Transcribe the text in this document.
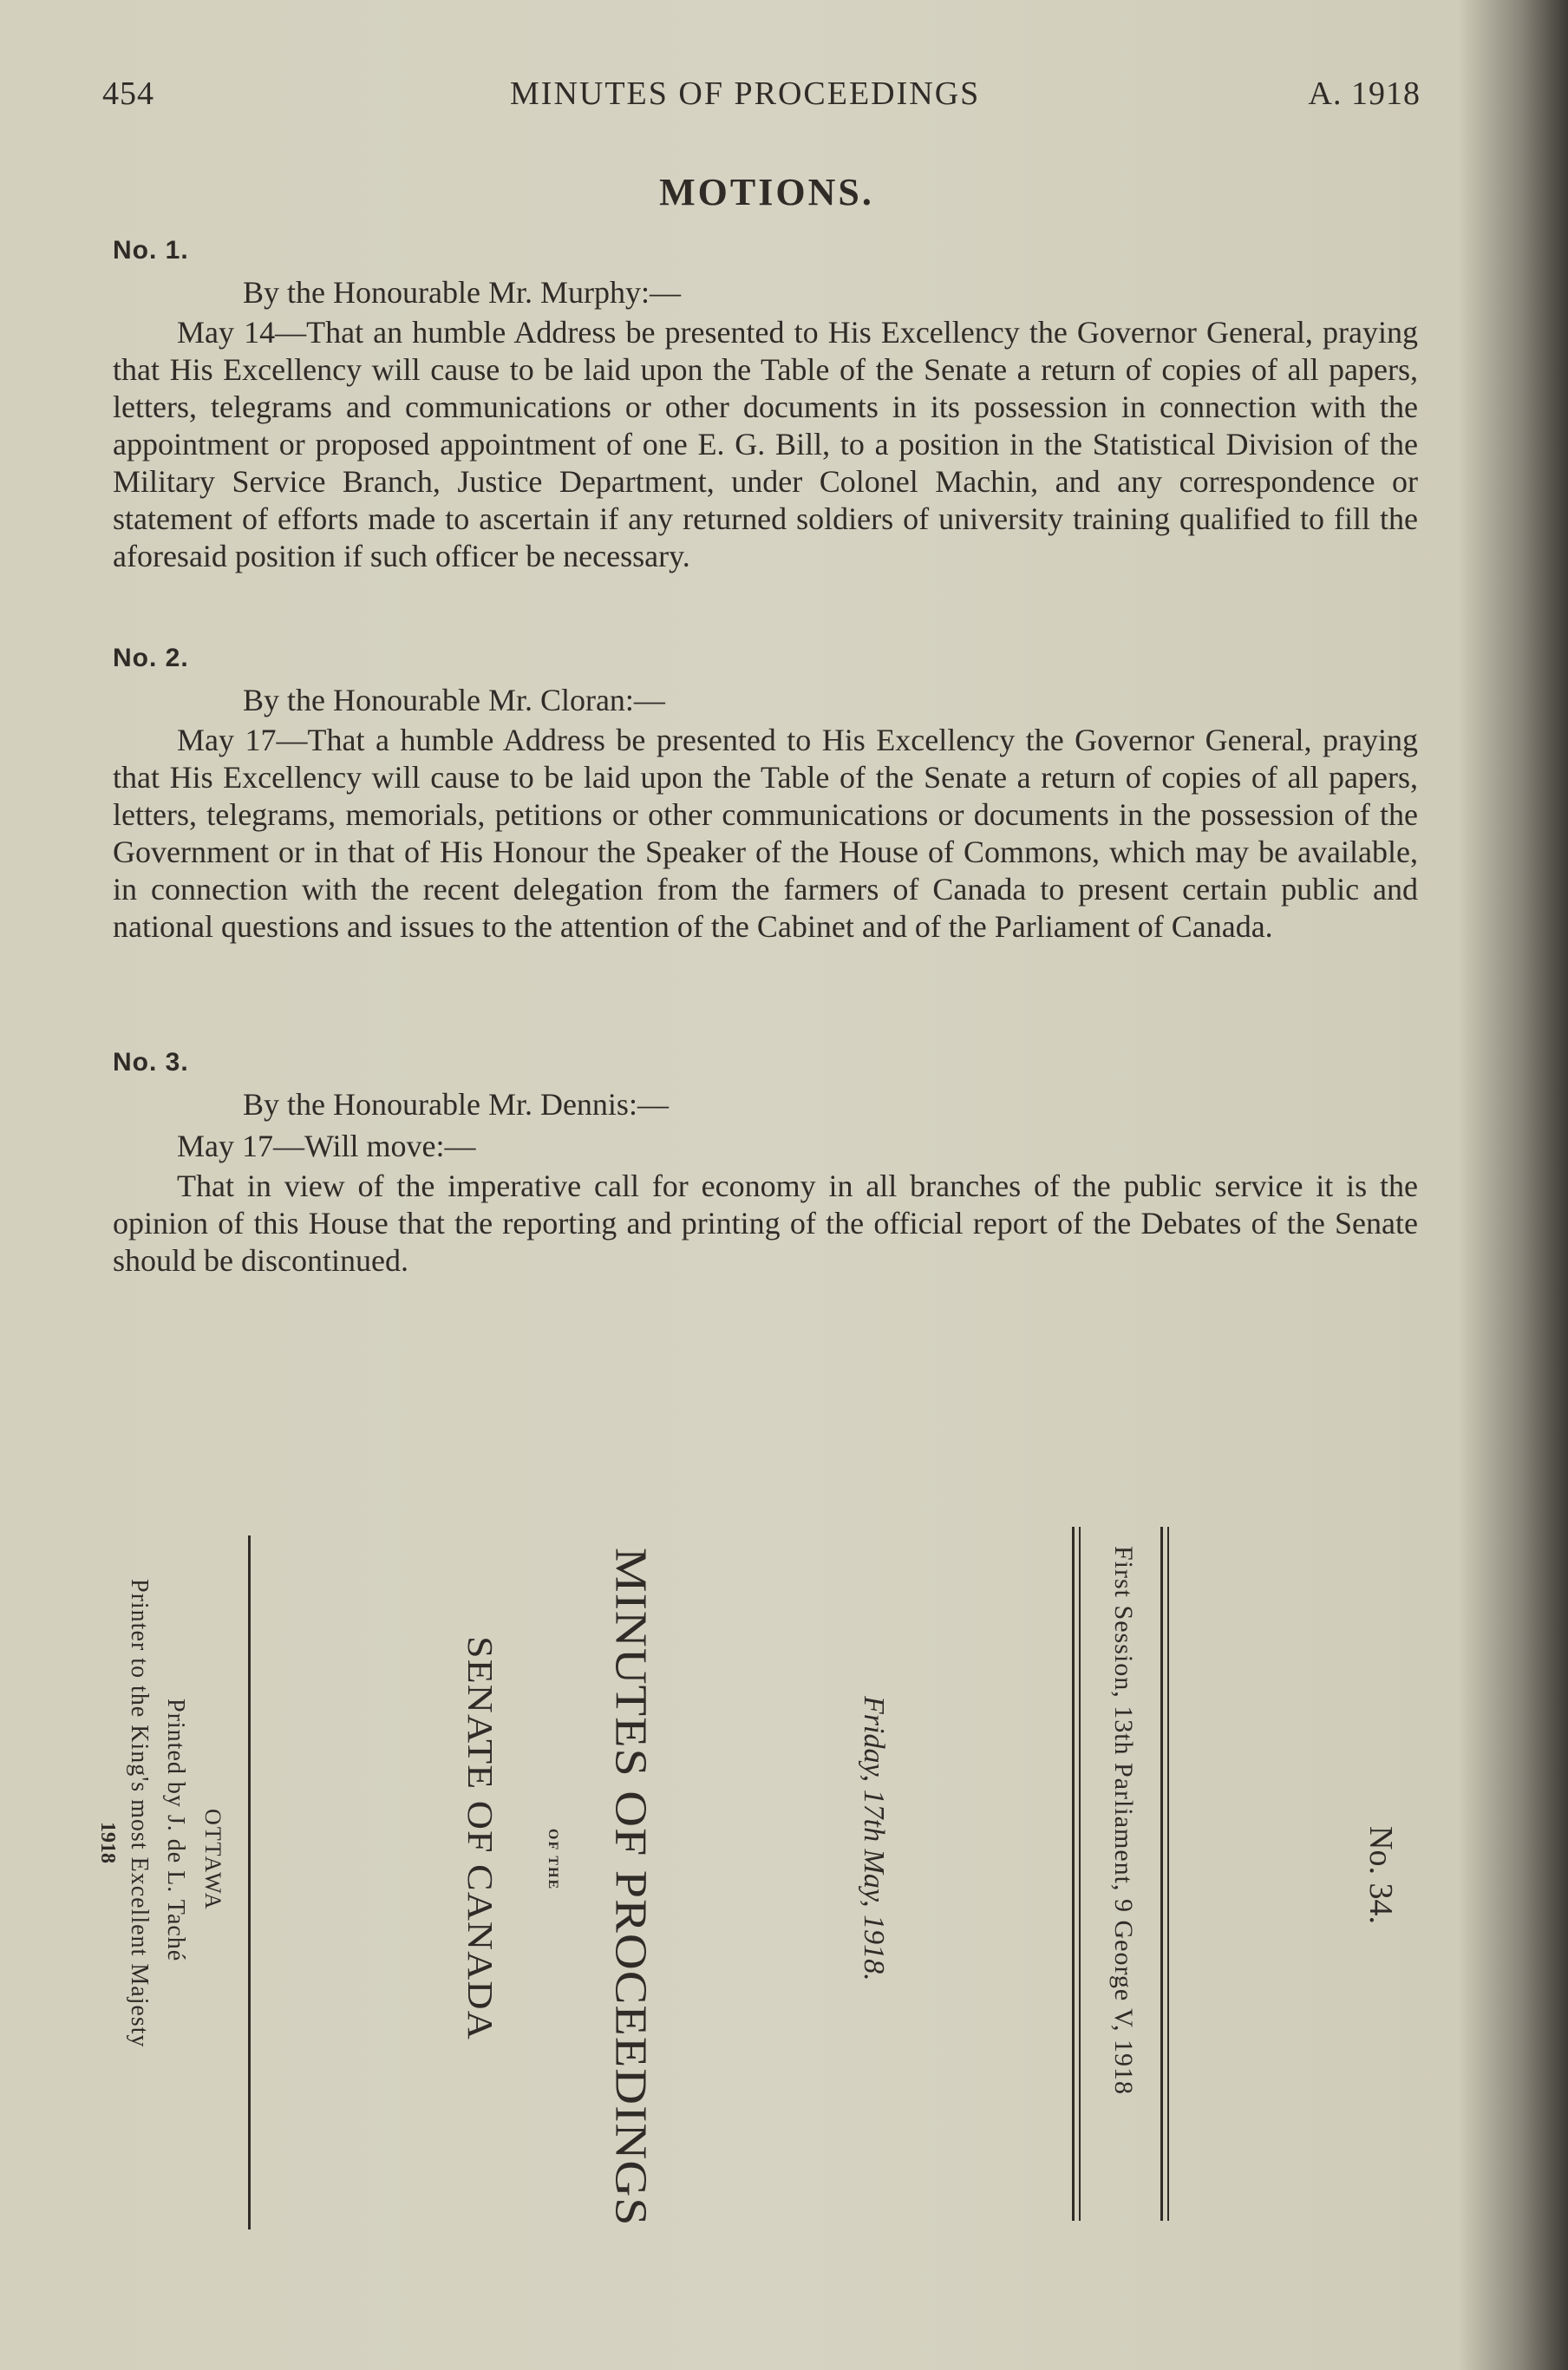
454	MINUTES OF PROCEEDINGS	A. 1918
MOTIONS.
No. 1.
By the Honourable Mr. Murphy:—
May 14—That an humble Address be presented to His Excellency the Governor General, praying that His Excellency will cause to be laid upon the Table of the Senate a return of copies of all papers, letters, telegrams and communications or other documents in its possession in connection with the appointment or proposed appointment of one E. G. Bill, to a position in the Statistical Division of the Military Service Branch, Justice Department, under Colonel Machin, and any correspondence or statement of efforts made to ascertain if any returned soldiers of university training qualified to fill the aforesaid position if such officer be necessary.
No. 2.
By the Honourable Mr. Cloran:—
May 17—That a humble Address be presented to His Excellency the Governor General, praying that His Excellency will cause to be laid upon the Table of the Senate a return of copies of all papers, letters, telegrams, memorials, petitions or other communications or documents in the possession of the Government or in that of His Honour the Speaker of the House of Commons, which may be available, in connection with the recent delegation from the farmers of Canada to present certain public and national questions and issues to the attention of the Cabinet and of the Parliament of Canada.
No. 3.
By the Honourable Mr. Dennis:—
May 17—Will move:—
That in view of the imperative call for economy in all branches of the public service it is the opinion of this House that the reporting and printing of the official report of the Debates of the Senate should be discontinued.
No. 34.
First Session, 13th Parliament, 9 George V, 1918
Friday, 17th May, 1918.
MINUTES OF PROCEEDINGS
OF THE
SENATE OF CANADA
OTTAWA
Printed by J. de L. Taché
Printer to the King's most Excellent Majesty
1918
